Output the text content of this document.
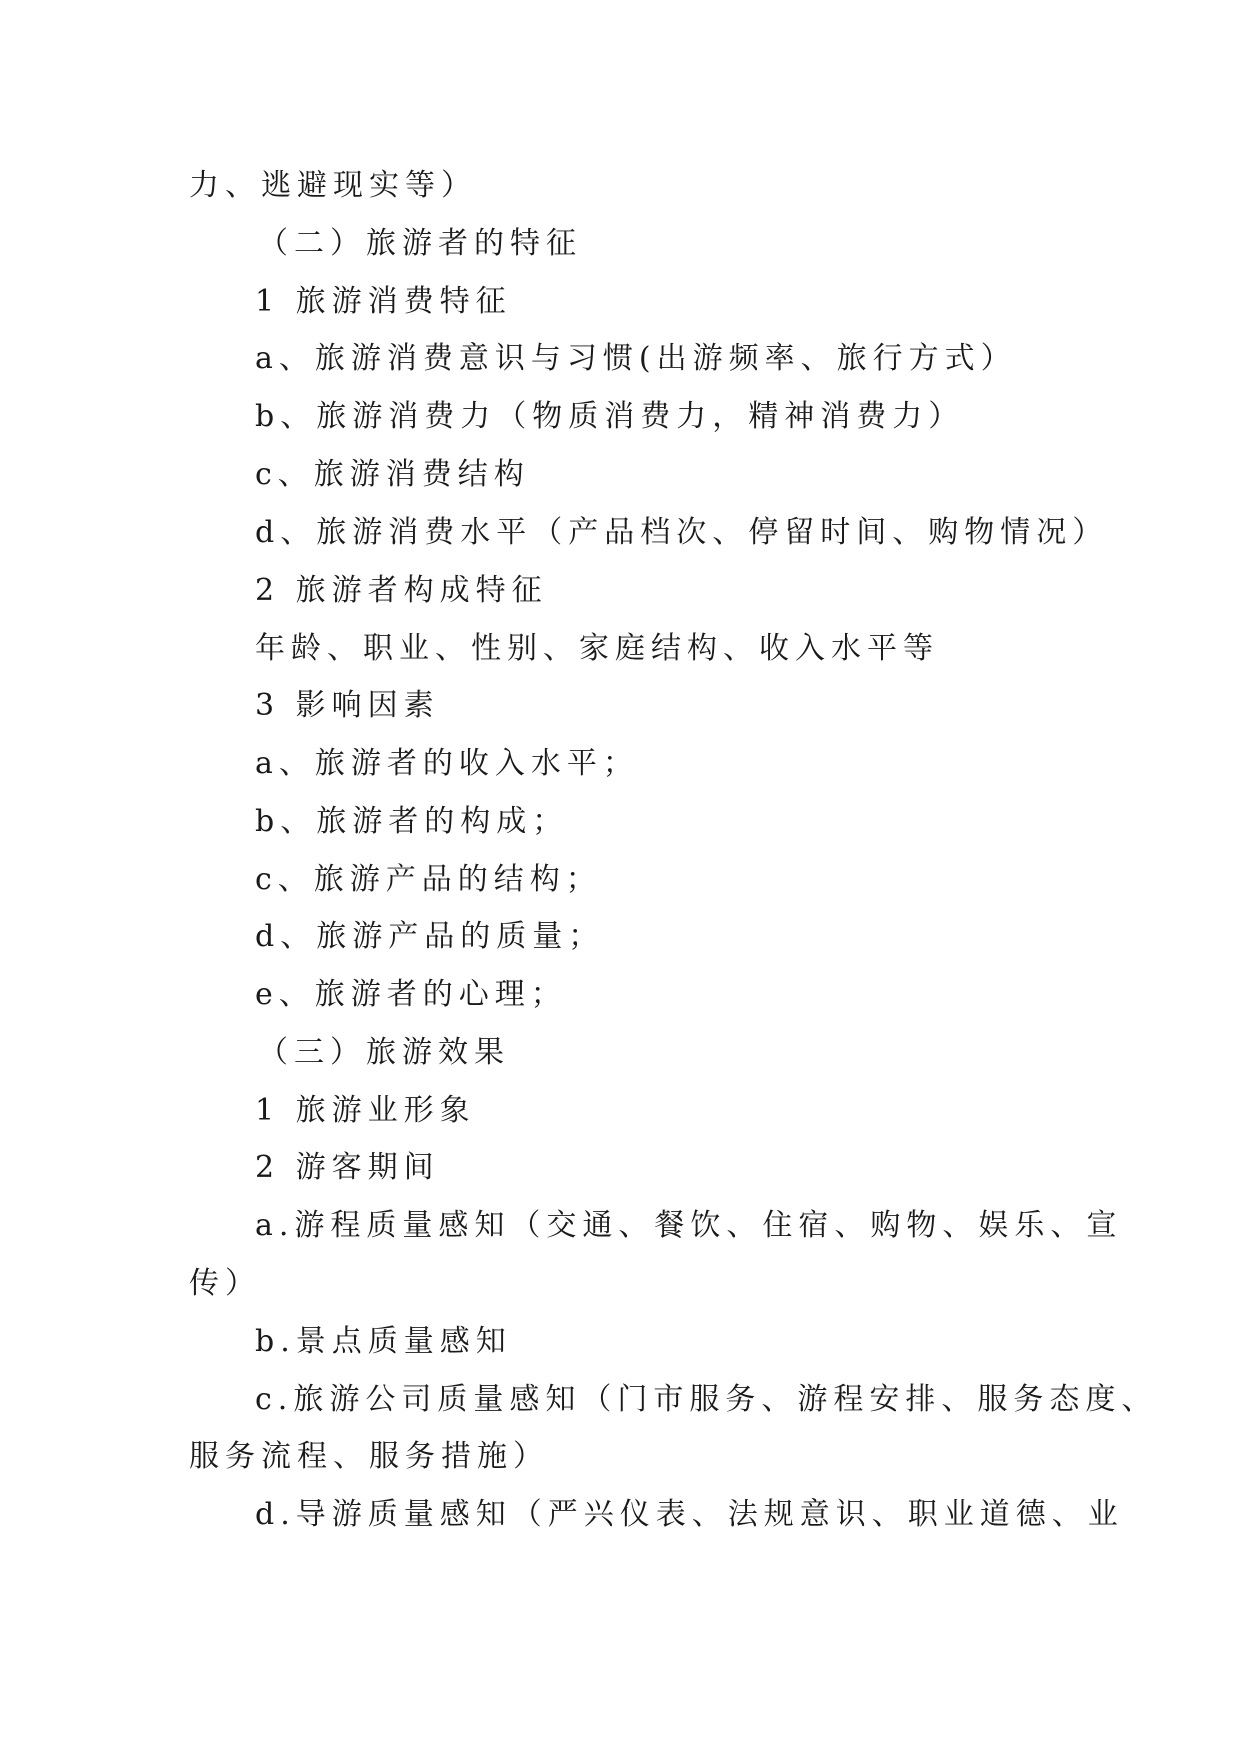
力、逃避现实等）
（二）旅游者的特征
1 旅游消费特征
a、旅游消费意识与习惯(出游频率、旅行方式）
b、旅游消费力（物质消费力，精神消费力）
c、旅游消费结构
d、旅游消费水平（产品档次、停留时间、购物情况）
2 旅游者构成特征
年龄、职业、性别、家庭结构、收入水平等
3 影响因素
a、旅游者的收入水平；
b、旅游者的构成；
c、旅游产品的结构；
d、旅游产品的质量；
e、旅游者的心理；
（三）旅游效果
1 旅游业形象
2 游客期间
a.游程质量感知（交通、餐饮、住宿、购物、娱乐、宣
传）
b.景点质量感知
c.旅游公司质量感知（门市服务、游程安排、服务态度、
服务流程、服务措施）
d.导游质量感知（严兴仪表、法规意识、职业道德、业
